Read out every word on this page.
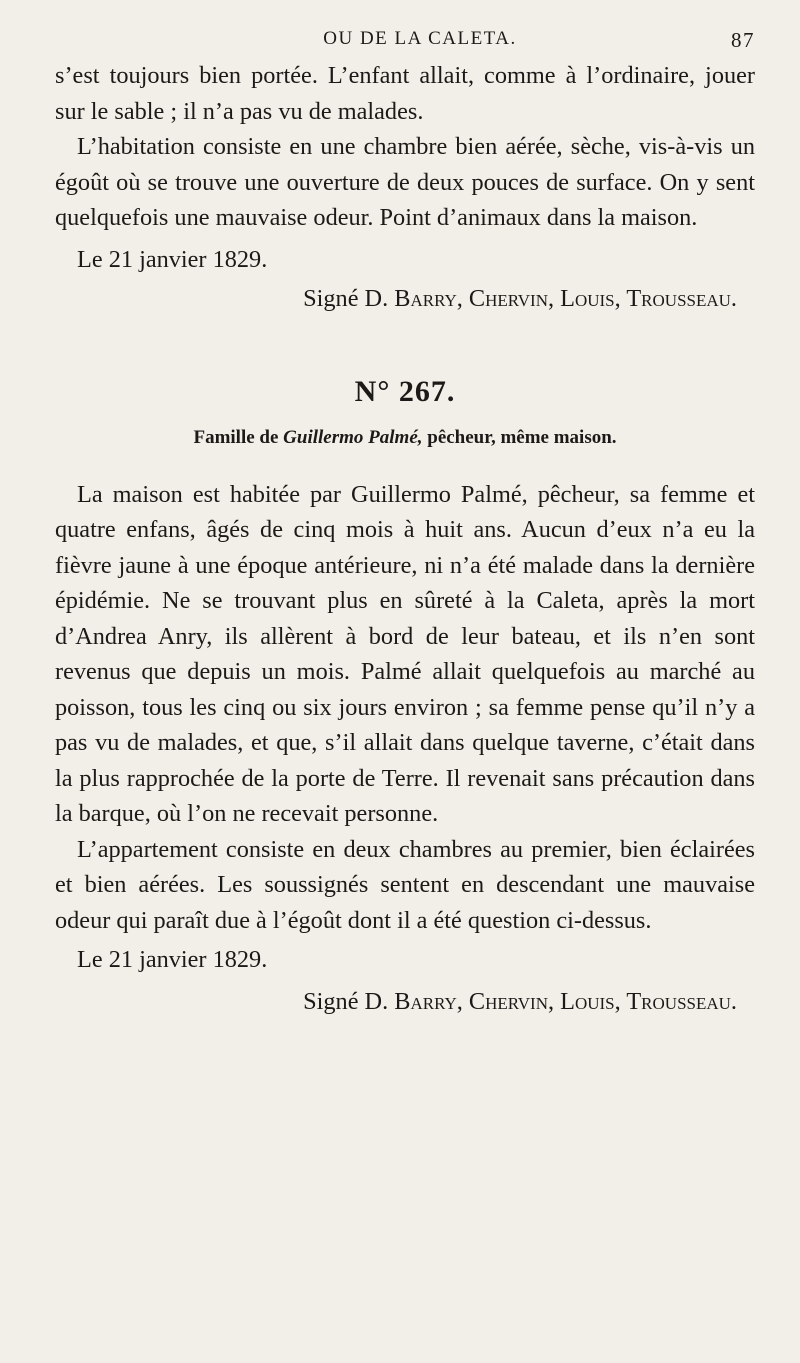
OU DE LA CALETA.	87

s’est toujours bien portée. L’enfant allait, comme à l’ordinaire, jouer sur le sable ; il n’a pas vu de malades.

L’habitation consiste en une chambre bien aérée, sèche, vis-à-vis un égoût où se trouve une ouverture de deux pouces de surface. On y sent quelquefois une mauvaise odeur. Point d’animaux dans la maison.

Le 21 janvier 1829.

Signé D. Barry, Chervin, Louis, Trousseau.

N° 267.

Famille de Guillermo Palmé, pêcheur, même maison.

La maison est habitée par Guillermo Palmé, pêcheur, sa femme et quatre enfans, âgés de cinq mois à huit ans. Aucun d’eux n’a eu la fièvre jaune à une époque antérieure, ni n’a été malade dans la dernière épidémie. Ne se trouvant plus en sûreté à la Caleta, après la mort d’Andrea Anry, ils allèrent à bord de leur bateau, et ils n’en sont revenus que depuis un mois. Palmé allait quelquefois au marché au poisson, tous les cinq ou six jours environ ; sa femme pense qu’il n’y a pas vu de malades, et que, s’il allait dans quelque taverne, c’était dans la plus rapprochée de la porte de Terre. Il revenait sans précaution dans la barque, où l’on ne recevait personne.

L’appartement consiste en deux chambres au premier, bien éclairées et bien aérées. Les soussignés sentent en descendant une mauvaise odeur qui paraît due à l’égoût dont il a été question ci-dessus.

Le 21 janvier 1829.

Signé D. Barry, Chervin, Louis, Trousseau.
